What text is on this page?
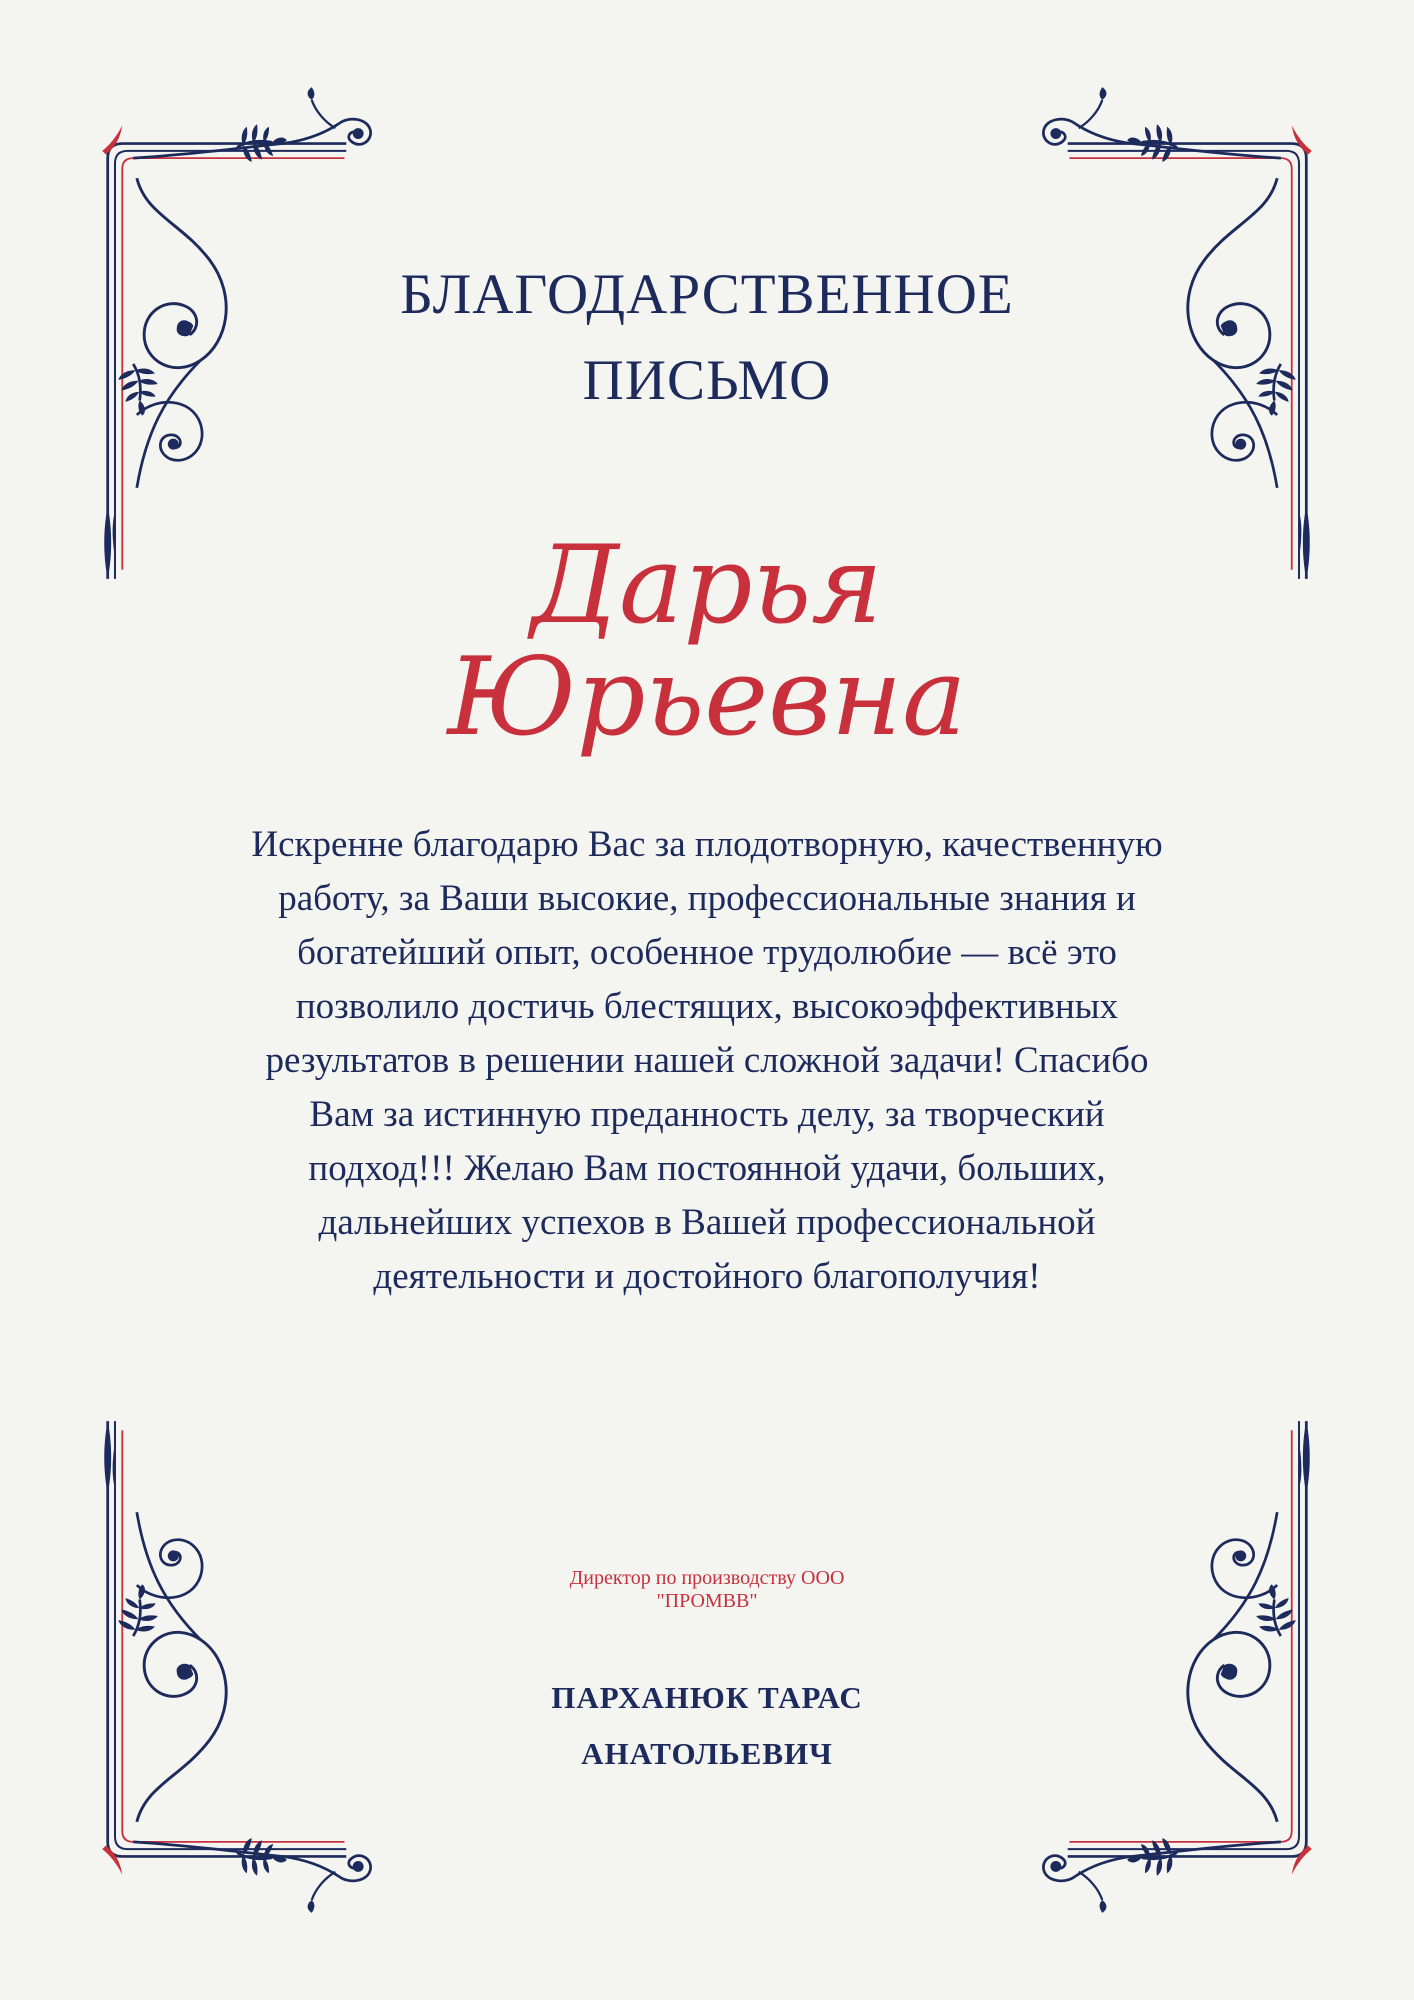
БЛАГОДАРСТВЕННОЕ
ПИСЬМО
Дарья
Юрьевна
Искренне благодарю Вас за плодотворную, качественную работу, за Ваши высокие, профессиональные знания и богатейший опыт, особенное трудолюбие — всё это позволило достичь блестящих, высокоэффективных результатов в решении нашей сложной задачи! Спасибо Вам за истинную преданность делу, за творческий подход!!! Желаю Вам постоянной удачи, больших, дальнейших успехов в Вашей профессиональной деятельности и достойного благополучия!
Директор по производству ООО "ПРОМВВ"
ПАРХАНЮК ТАРАС
АНАТОЛЬЕВИЧ
